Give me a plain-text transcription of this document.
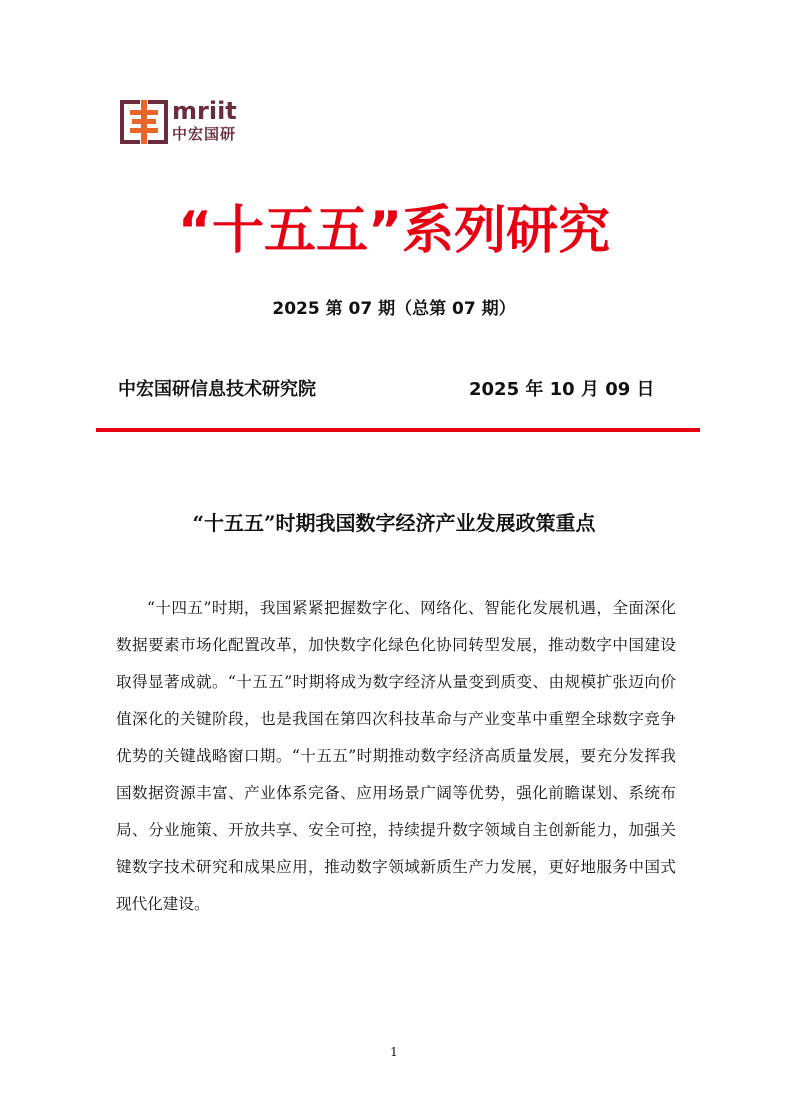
mriit
中宏国研
“十五五”系列研究
2025 第 07 期（总第 07 期）
中宏国研信息技术研究院	2025 年 10 月 09 日
“十五五”时期我国数字经济产业发展政策重点

“十四五”时期，我国紧紧把握数字化、网络化、智能化发展机遇，全面深化数据要素市场化配置改革，加快数字化绿色化协同转型发展，推动数字中国建设取得显著成就。“十五五”时期将成为数字经济从量变到质变、由规模扩张迈向价值深化的关键阶段，也是我国在第四次科技革命与产业变革中重塑全球数字竞争优势的关键战略窗口期。“十五五”时期推动数字经济高质量发展，要充分发挥我国数据资源丰富、产业体系完备、应用场景广阔等优势，强化前瞻谋划、系统布局、分业施策、开放共享、安全可控，持续提升数字领域自主创新能力，加强关键数字技术研究和成果应用，推动数字领域新质生产力发展，更好地服务中国式现代化建设。

1
